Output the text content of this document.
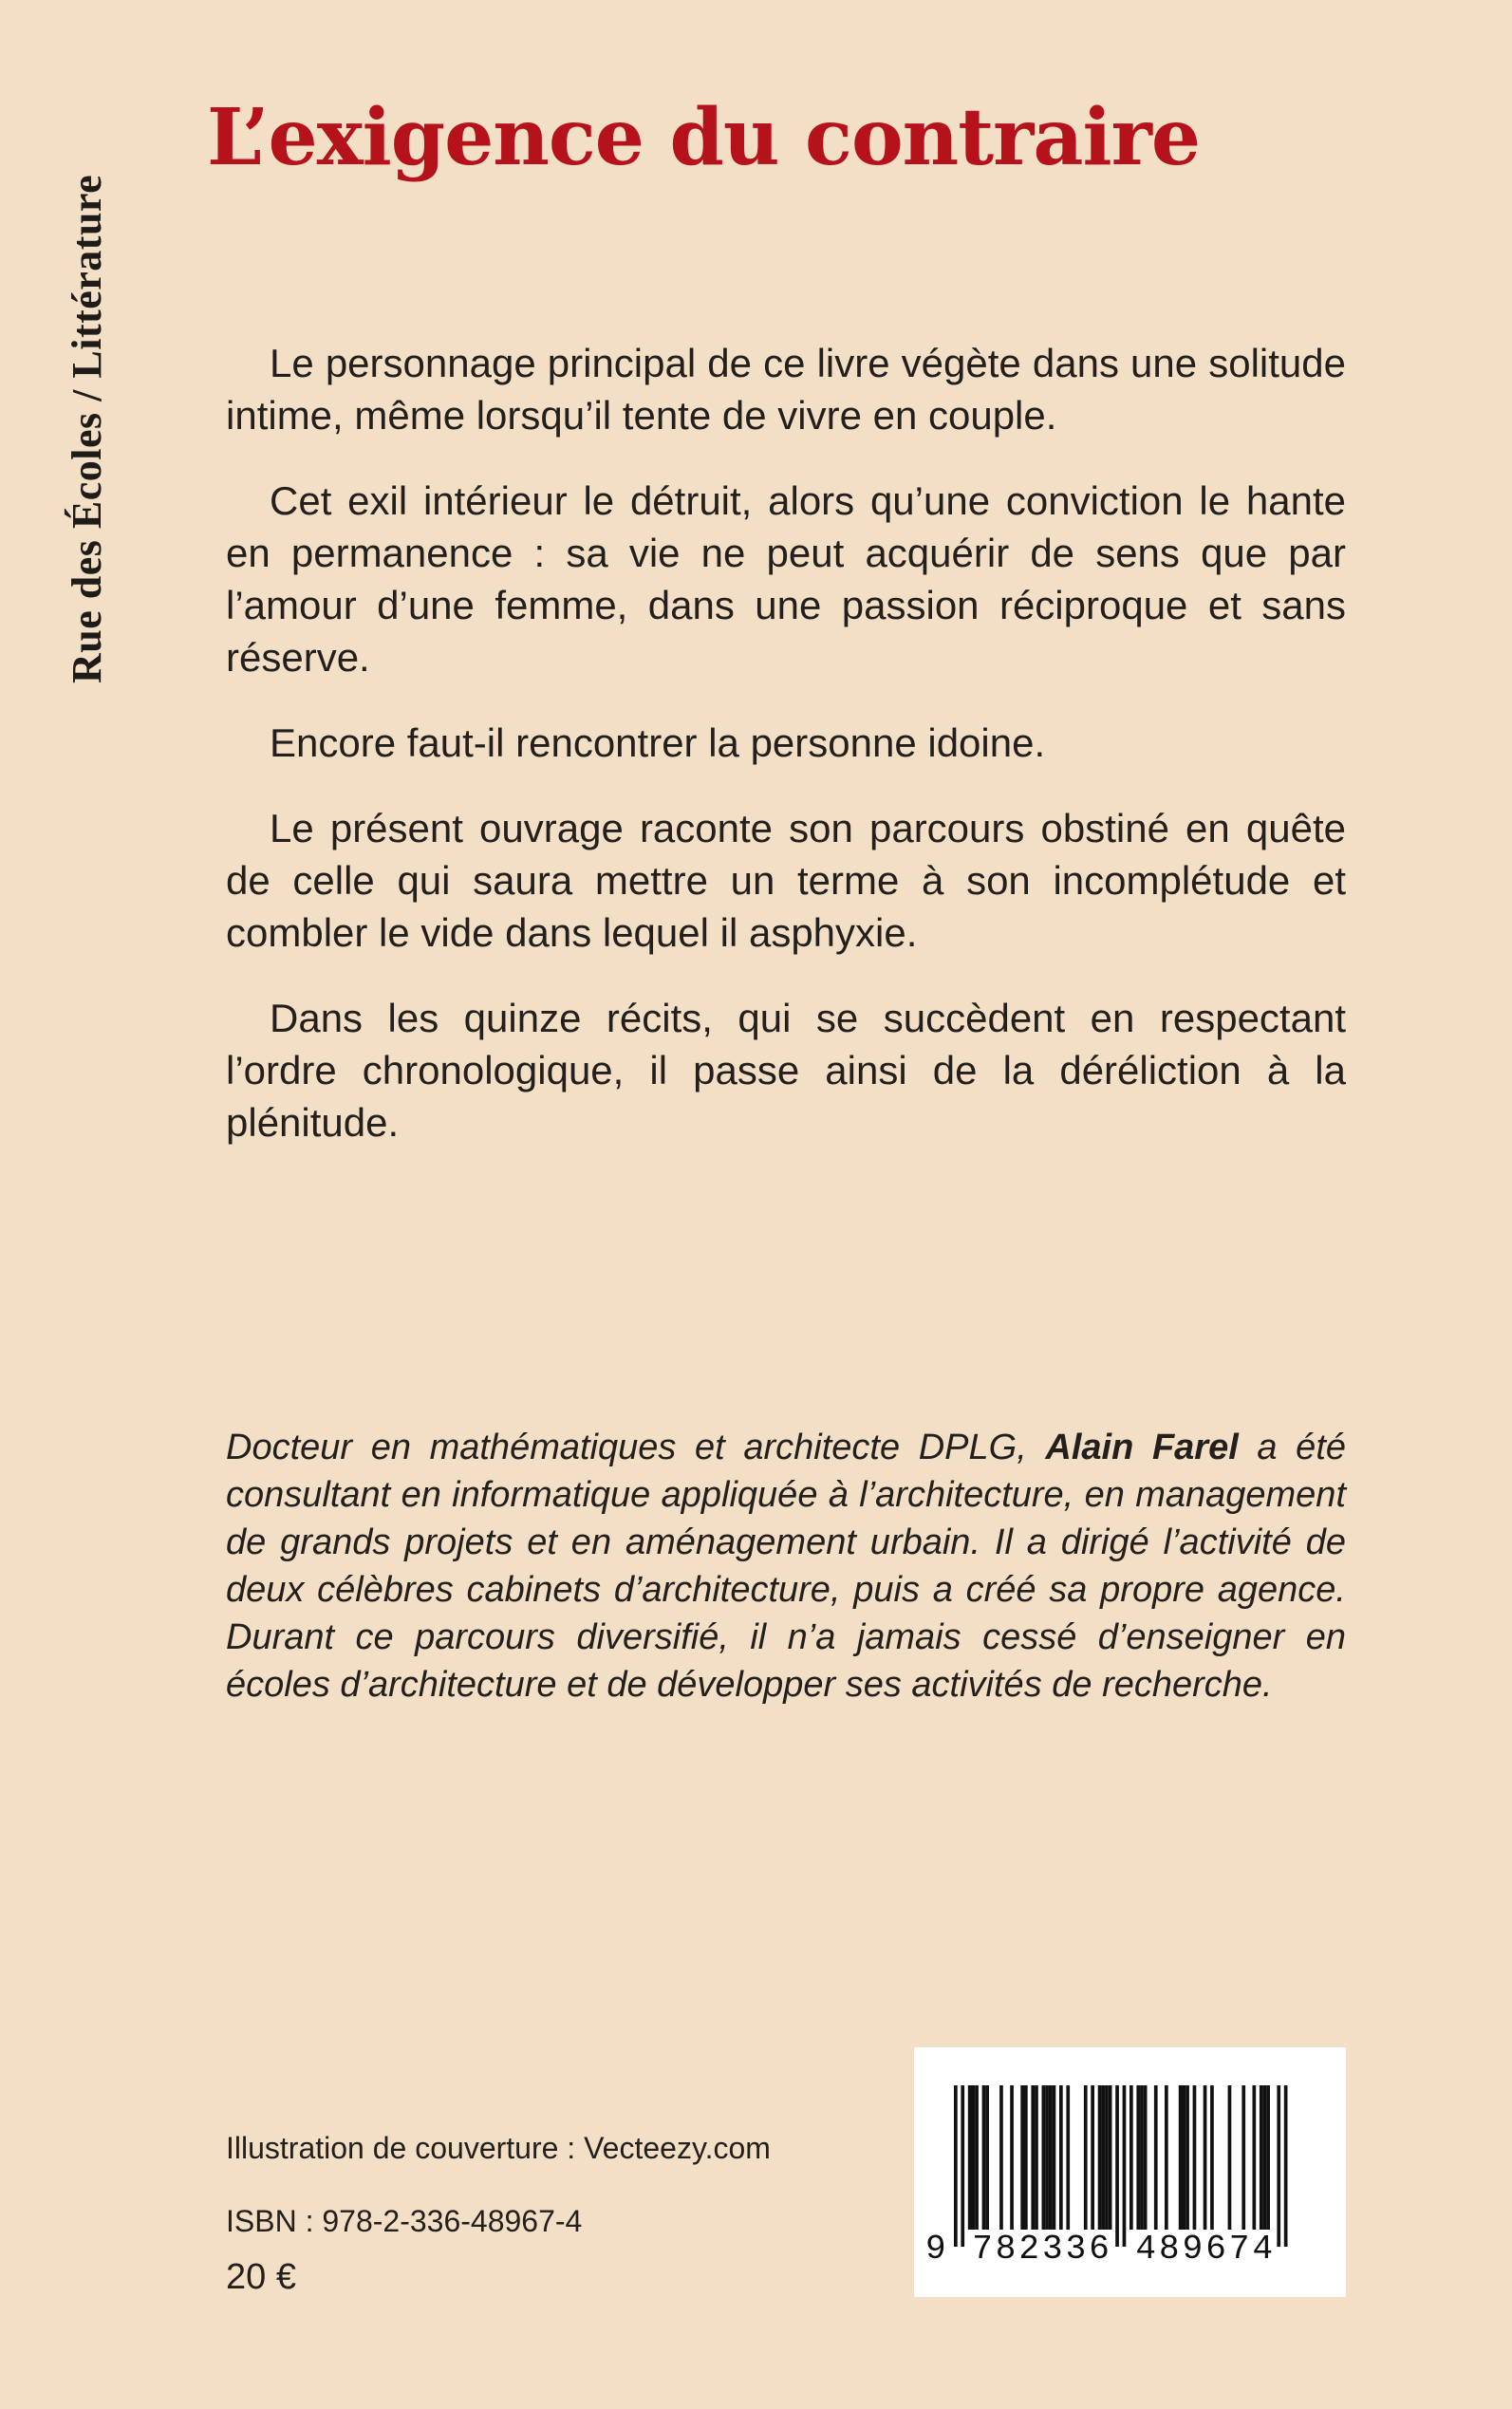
Rue des Écoles / Littérature
L’exigence du contraire

Le personnage principal de ce livre végète dans une solitude intime, même lorsqu’il tente de vivre en couple.

Cet exil intérieur le détruit, alors qu’une conviction le hante en permanence : sa vie ne peut acquérir de sens que par l’amour d’une femme, dans une passion réciproque et sans réserve.

Encore faut-il rencontrer la personne idoine.

Le présent ouvrage raconte son parcours obstiné en quête de celle qui saura mettre un terme à son incomplétude et combler le vide dans lequel il asphyxie.

Dans les quinze récits, qui se succèdent en respectant l’ordre chronologique, il passe ainsi de la déréliction à la plénitude.

Docteur en mathématiques et architecte DPLG, Alain Farel a été consultant en informatique appliquée à l’architecture, en management de grands projets et en aménagement urbain. Il a dirigé l’activité de deux célèbres cabinets d’architecture, puis a créé sa propre agence. Durant ce parcours diversifié, il n’a jamais cessé d’enseigner en écoles d’architecture et de développer ses activités de recherche.

Illustration de couverture : Vecteezy.com
ISBN : 978-2-336-48967-4
20 €
9 782336 489674
